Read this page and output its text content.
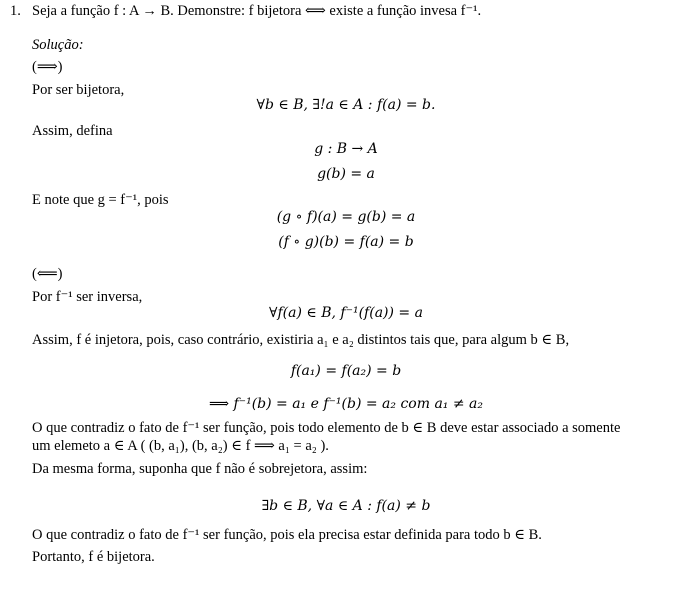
1. Seja a função f : A → B. Demonstre: f bijetora ⟺ existe a função invesa f⁻¹.
Solução:
(⟹)
Por ser bijetora,
∀b ∈ B, ∃!a ∈ A : f(a) = b.
Assim, defina
g : B → A
g(b) = a
E note que g = f⁻¹, pois
(g ∘ f)(a) = g(b) = a
(f ∘ g)(b) = f(a) = b
(⟸)
Por f⁻¹ ser inversa,
∀f(a) ∈ B, f⁻¹(f(a)) = a
Assim, f é injetora, pois, caso contrário, existiria a₁ e a₂ distintos tais que, para algum b ∈ B,
f(a₁) = f(a₂) = b
⟹ f⁻¹(b) = a₁ e f⁻¹(b) = a₂ com a₁ ≠ a₂
O que contradiz o fato de f⁻¹ ser função, pois todo elemento de b ∈ B deve estar associado a somente
um elemeto a ∈ A ( (b, a₁), (b, a₂) ∈ f ⟹ a₁ = a₂ ).
Da mesma forma, suponha que f não é sobrejetora, assim:
∃b ∈ B, ∀a ∈ A : f(a) ≠ b
O que contradiz o fato de f⁻¹ ser função, pois ela precisa estar definida para todo b ∈ B.
Portanto, f é bijetora.
